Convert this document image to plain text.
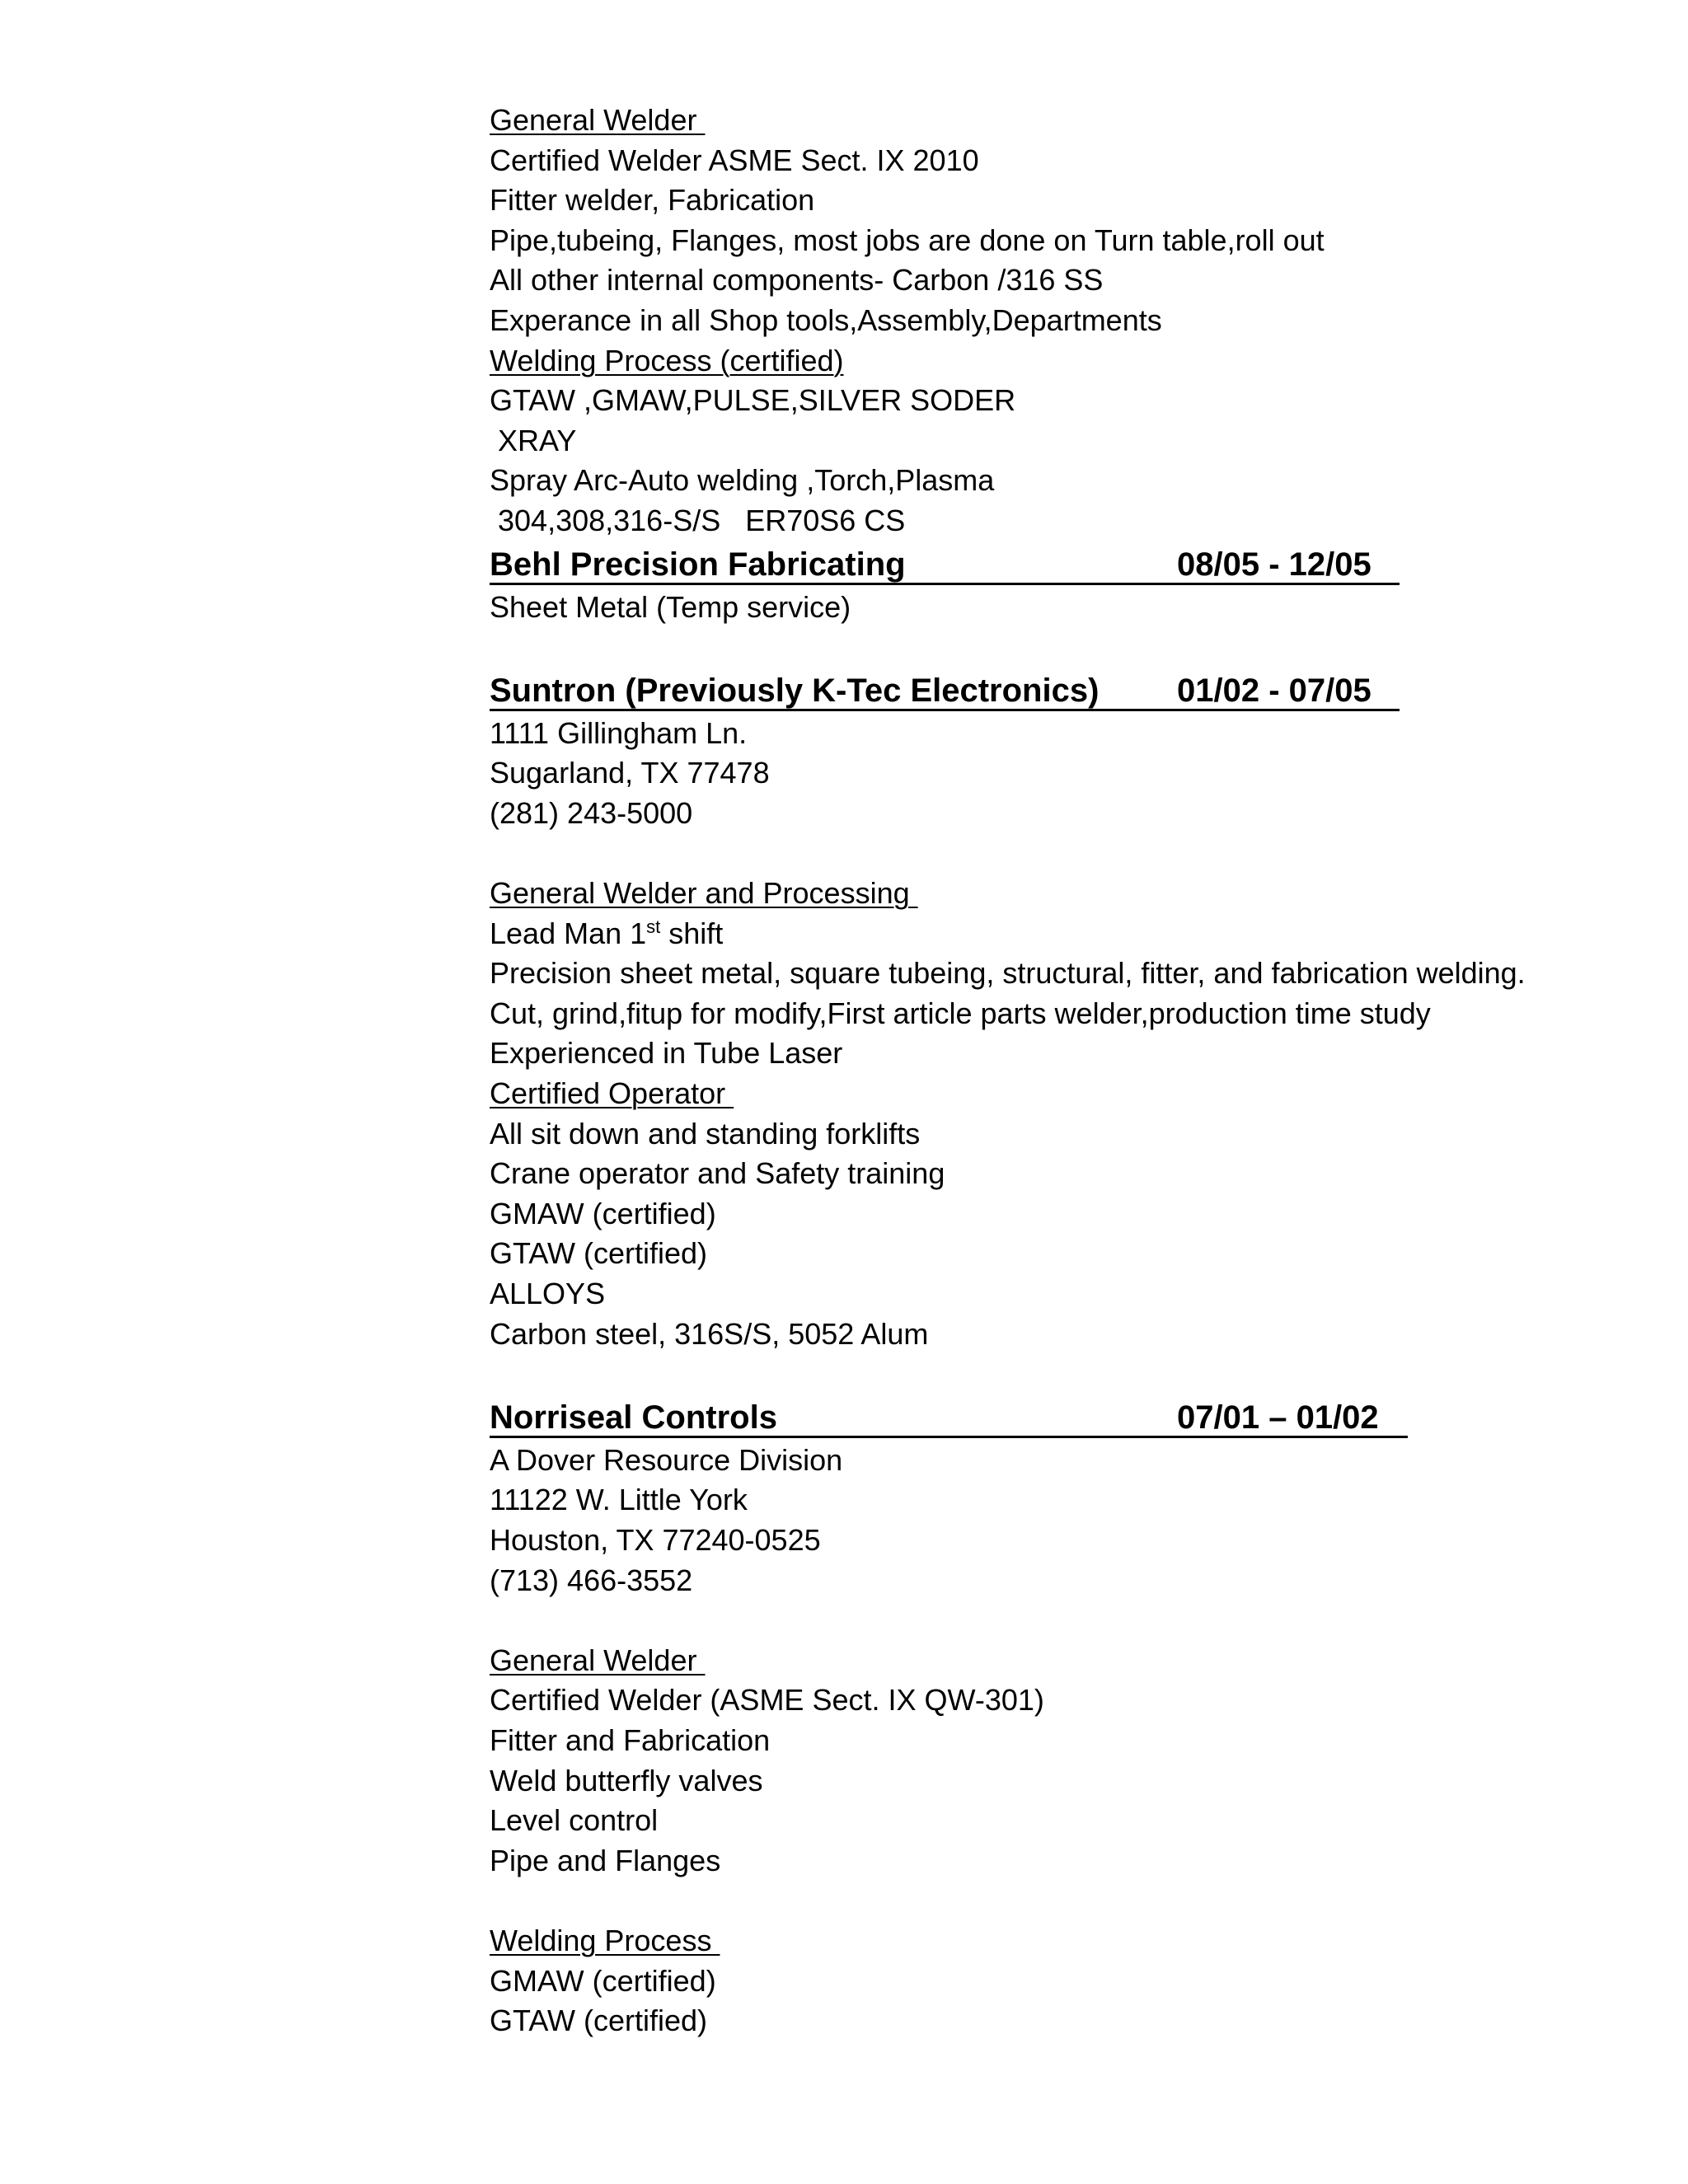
General Welder
Certified Welder ASME Sect. IX 2010
Fitter welder, Fabrication
Pipe,tubeing, Flanges, most jobs are done on Turn table,roll out
All other internal components- Carbon /316 SS
Experance in all Shop tools,Assembly,Departments
Welding Process (certified)
GTAW ,GMAW,PULSE,SILVER SODER
XRAY
Spray Arc-Auto welding ,Torch,Plasma
304,308,316-S/S   ER70S6 CS
Behl Precision Fabricating	08/05 - 12/05
Sheet Metal (Temp service)
Suntron (Previously K-Tec Electronics) 01/02 - 07/05
1111 Gillingham Ln.
Sugarland, TX 77478
(281) 243-5000
General Welder and Processing
Lead Man 1st shift
Precision sheet metal, square tubeing, structural, fitter, and fabrication welding.
Cut, grind,fitup for modify,First article parts welder,production time study
Experienced in Tube Laser
Certified Operator
All sit down and standing forklifts
Crane operator and Safety training
GMAW (certified)
GTAW (certified)
ALLOYS
Carbon steel, 316S/S, 5052 Alum
Norriseal Controls	07/01 – 01/02
A Dover Resource Division
11122 W. Little York
Houston, TX 77240-0525
(713) 466-3552
General Welder
Certified Welder (ASME Sect. IX QW-301)
Fitter and Fabrication
Weld butterfly valves
Level control
Pipe and Flanges
Welding Process
GMAW (certified)
GTAW (certified)
